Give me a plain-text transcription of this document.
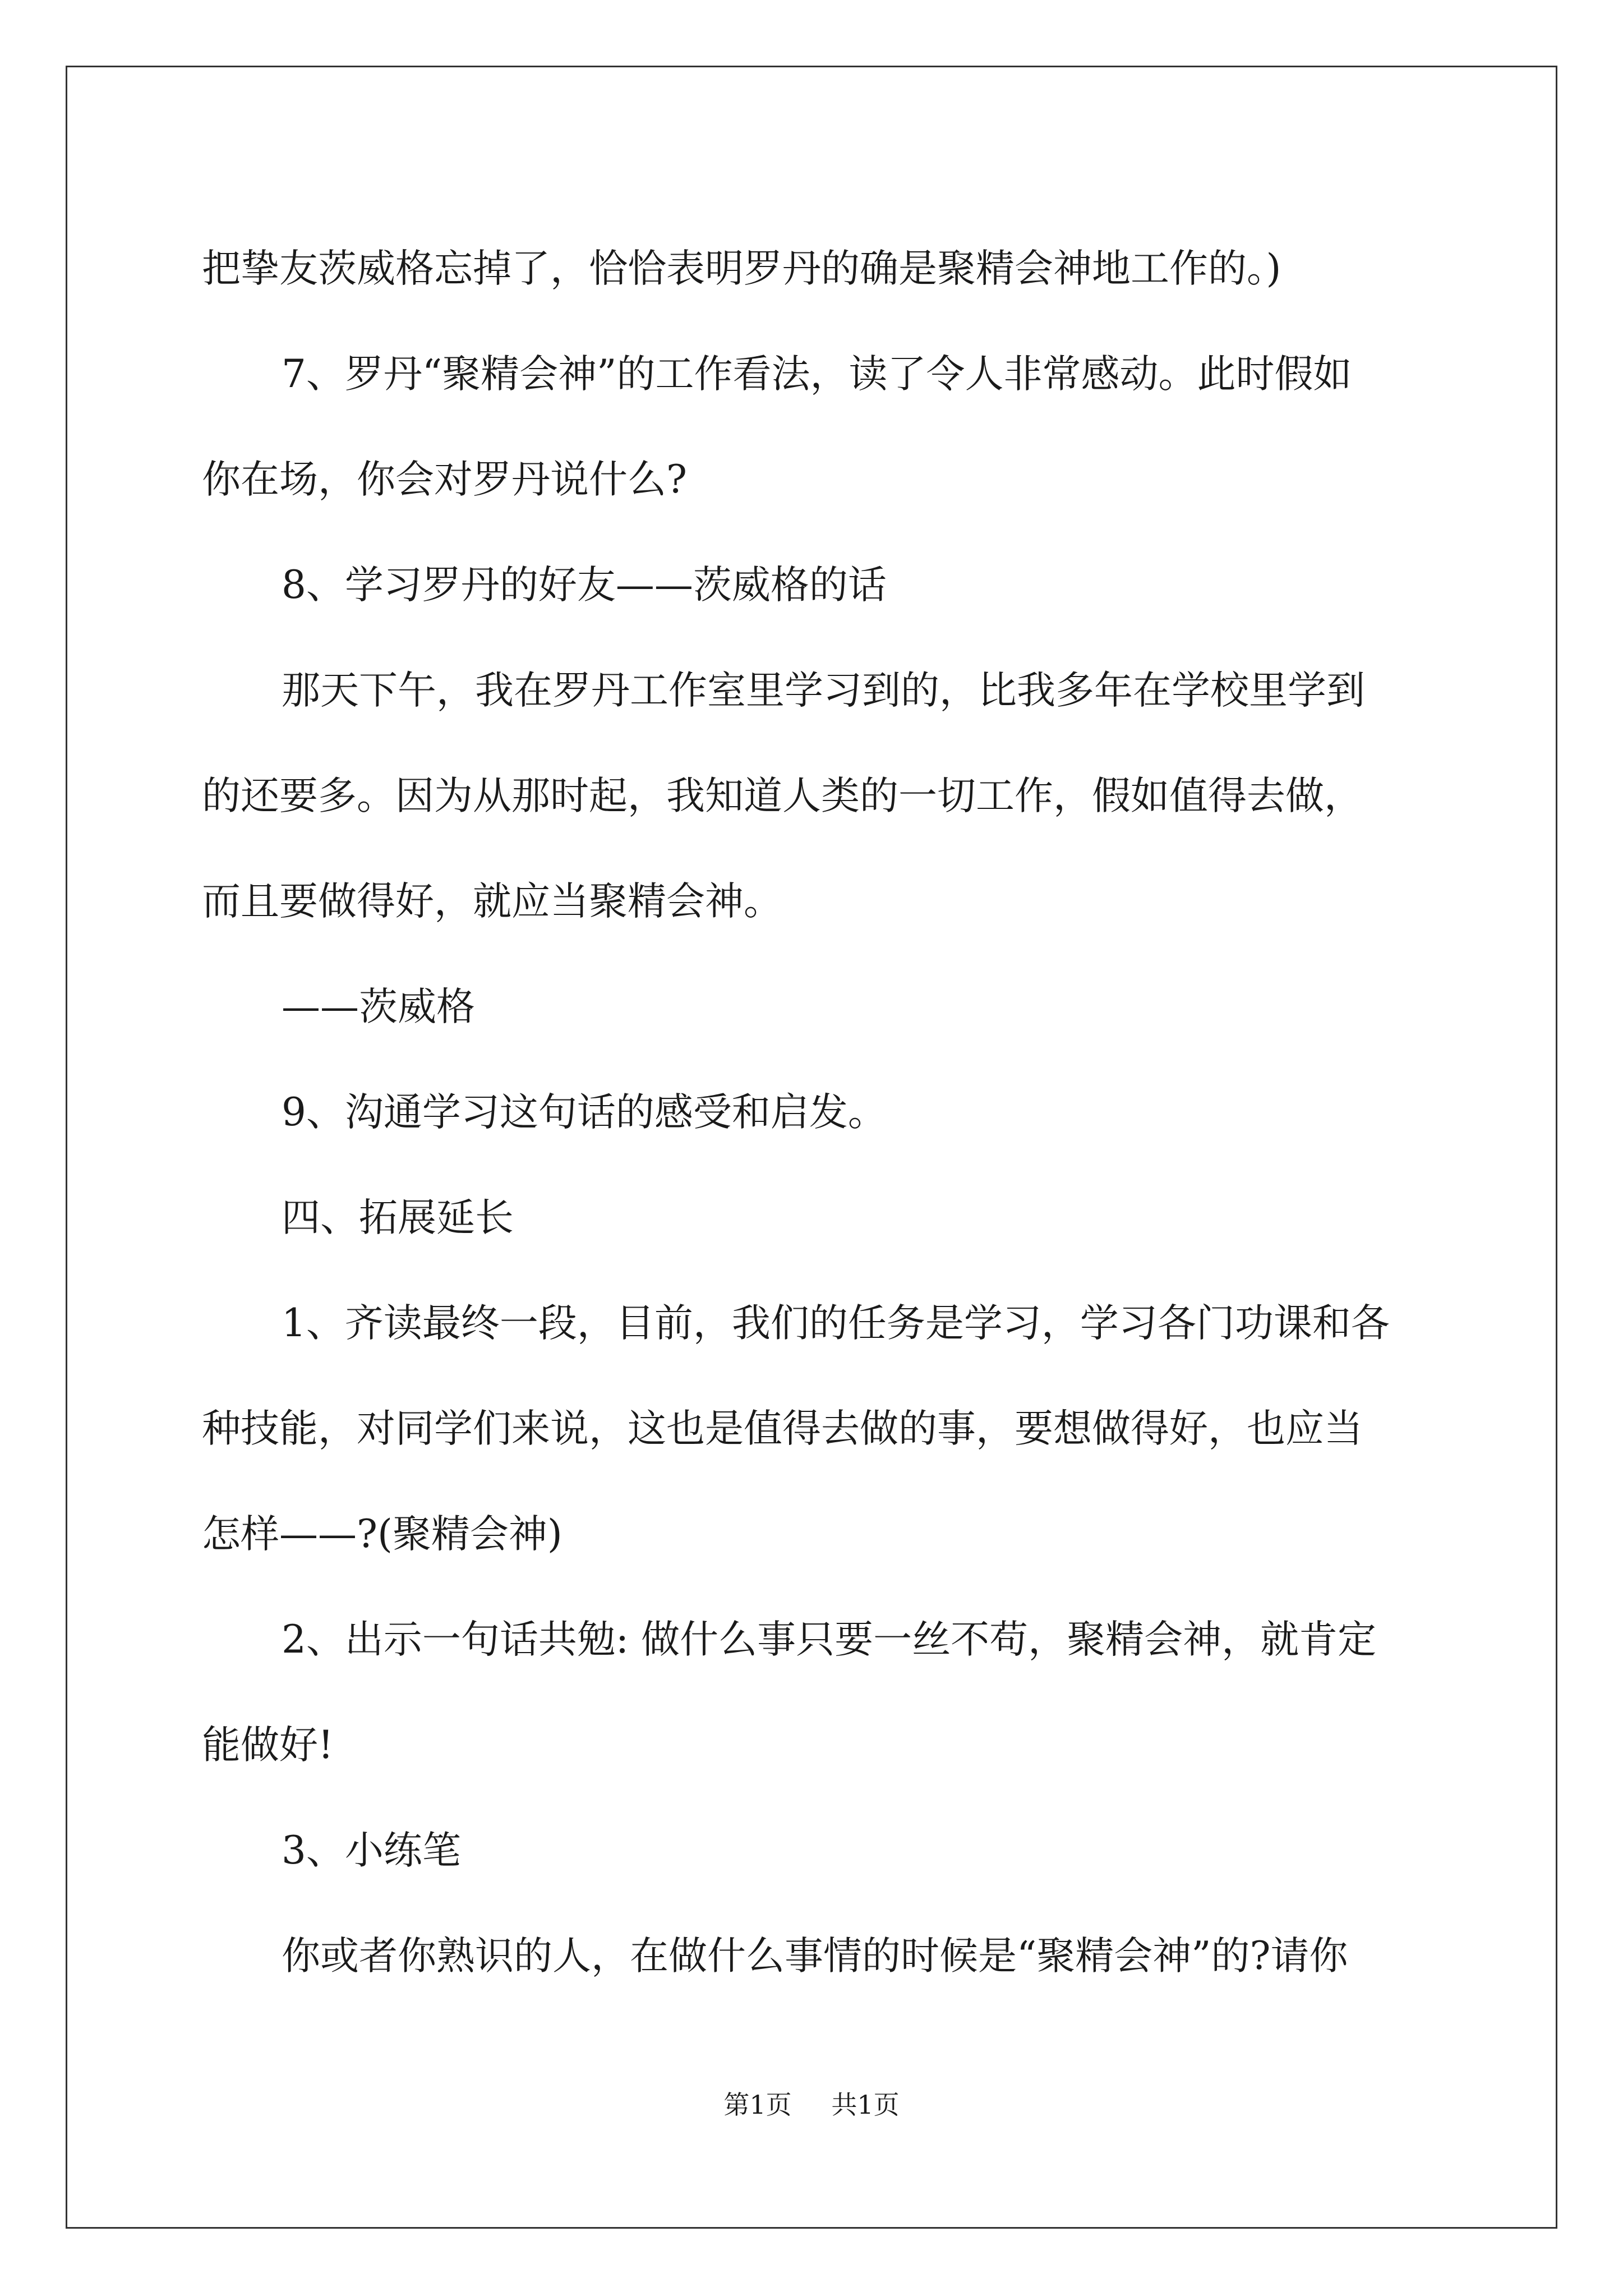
把挚友茨威格忘掉了，恰恰表明罗丹的确是聚精会神地工作的。)

7、罗丹“聚精会神”的工作看法，读了令人非常感动。此时假如

你在场，你会对罗丹说什么?

8、学习罗丹的好友——茨威格的话

那天下午，我在罗丹工作室里学习到的，比我多年在学校里学到

的还要多。因为从那时起，我知道人类的一切工作，假如值得去做，

而且要做得好，就应当聚精会神。

——茨威格

9、沟通学习这句话的感受和启发。

四、拓展延长

1、齐读最终一段，目前，我们的任务是学习，学习各门功课和各

种技能，对同学们来说，这也是值得去做的事，要想做得好，也应当

怎样——?(聚精会神)

2、出示一句话共勉: 做什么事只要一丝不苟，聚精会神，就肯定

能做好!

3、小练笔

你或者你熟识的人，在做什么事情的时候是“聚精会神”的?请你

第1页 共1页
